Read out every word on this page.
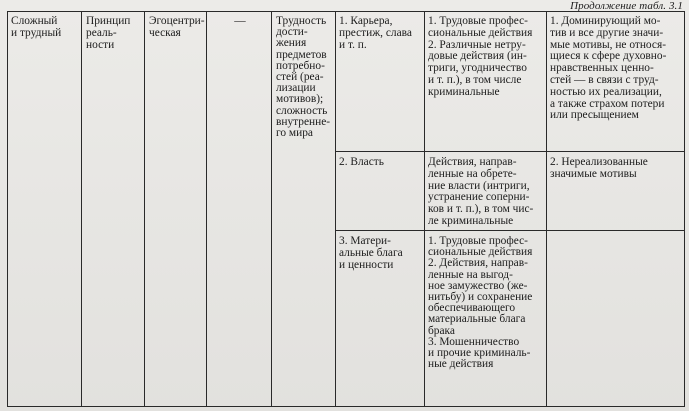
Продолжение табл. 3.1
Сложный
и трудный
Принцип
реаль-
ности
Эгоцентри-
ческая
—	Трудность
дости-
жения
предметов
потребно-
стей (реа-
лизации
мотивов);
сложность
внутренне-
го мира
1. Карьера,
престиж, слава
и т. п.
1. Трудовые профес-
сиональные действия
2. Различные нетру-
довые действия (ин-
триги, угодничество
и т. п.), в том числе
криминальные
1. Доминирующий мо-
тив и все другие значи-
мые мотивы, не относя-
щиеся к сфере духовно-
нравственных ценно-
стей — в связи с труд-
ностью их реализации,
а также страхом потери
или пресыщением
2. Власть	Действия, направ-
ленные на обрете-
ние власти (интриги,
устранение соперни-
ков и т. п.), в том чис-
ле криминальные
2. Нереализованные
значимые мотивы
3. Матери-
альные блага
и ценности
1. Трудовые профес-
сиональные действия
2. Действия, направ-
ленные на выгод-
ное замужество (же-
нитьбу) и сохранение
обеспечивающего
материальные блага
брака
3. Мошенничество
и прочие криминаль-
ные действия
